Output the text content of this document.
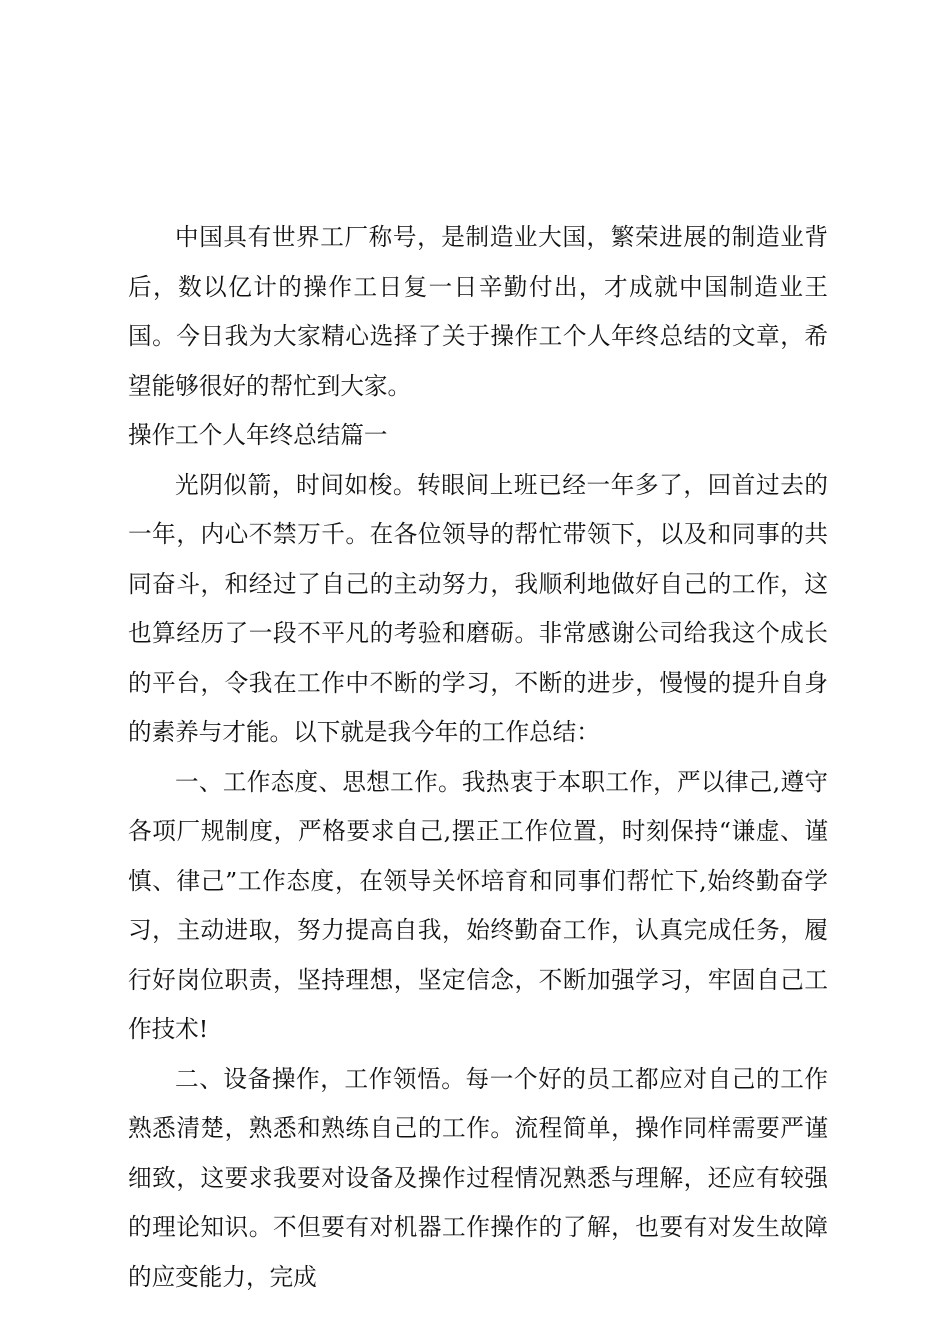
中国具有世界工厂称号，是制造业大国，繁荣进展的制造业背后，数以亿计的操作工日复一日辛勤付出，才成就中国制造业王国。今日我为大家精心选择了关于操作工个人年终总结的文章，希望能够很好的帮忙到大家。

操作工个人年终总结篇一

光阴似箭，时间如梭。转眼间上班已经一年多了，回首过去的一年，内心不禁万千。在各位领导的帮忙带领下，以及和同事的共同奋斗，和经过了自己的主动努力，我顺利地做好自己的工作，这也算经历了一段不平凡的考验和磨砺。非常感谢公司给我这个成长的平台，令我在工作中不断的学习，不断的进步，慢慢的提升自身的素养与才能。以下就是我今年的工作总结：

一、工作态度、思想工作。我热衷于本职工作，严以律己,遵守各项厂规制度，严格要求自己,摆正工作位置，时刻保持“谦虚、谨慎、律己”工作态度，在领导关怀培育和同事们帮忙下,始终勤奋学习，主动进取，努力提高自我，始终勤奋工作，认真完成任务，履行好岗位职责，坚持理想，坚定信念，不断加强学习，牢固自己工作技术!

二、设备操作，工作领悟。每一个好的员工都应对自己的工作熟悉清楚，熟悉和熟练自己的工作。流程简单，操作同样需要严谨细致，这要求我要对设备及操作过程情况熟悉与理解，还应有较强的理论知识。不但要有对机器工作操作的了解，也要有对发生故障的应变能力，完成
